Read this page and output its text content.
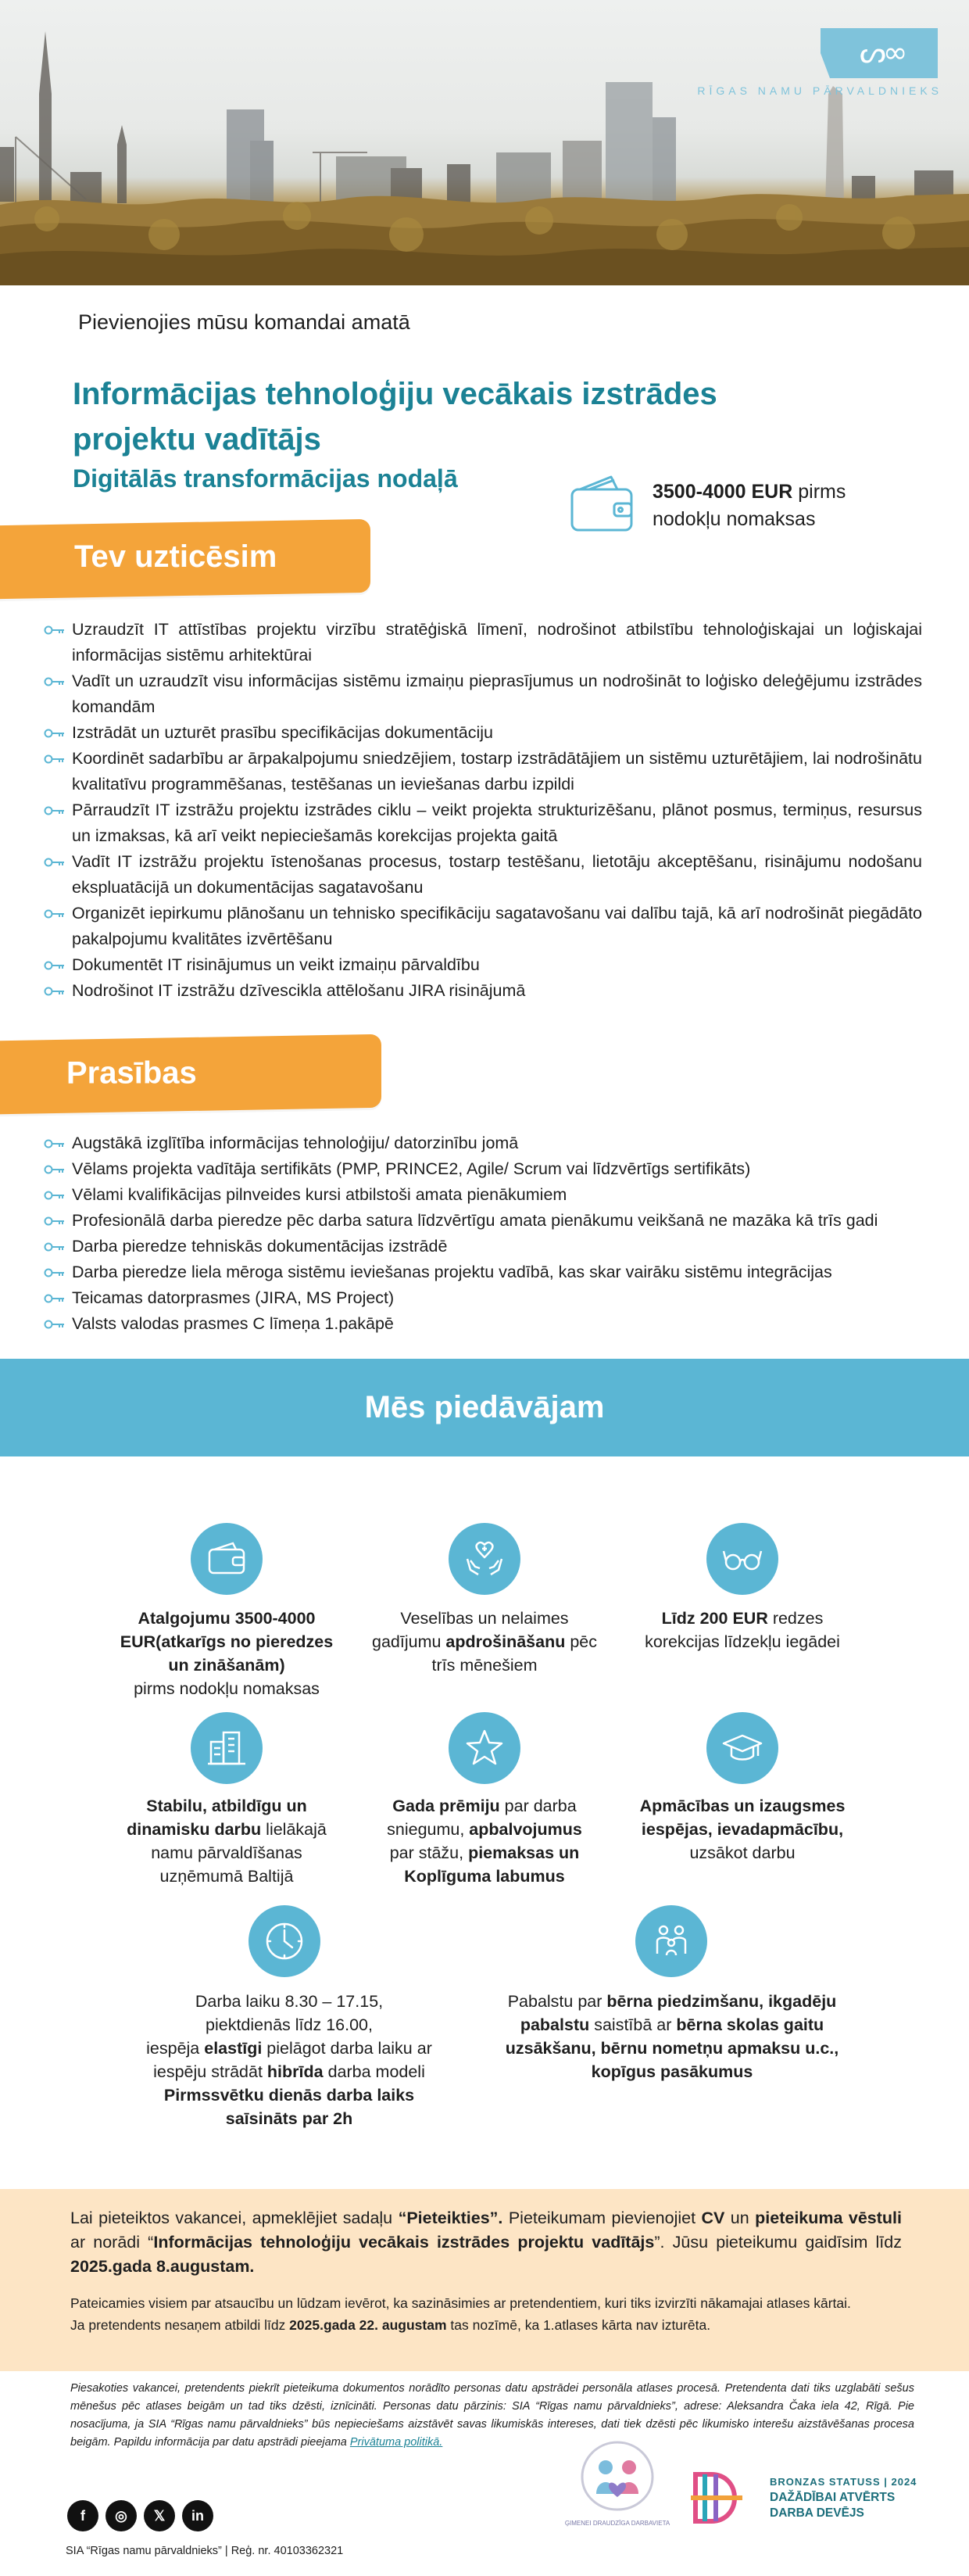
ᔕ∞
RĪGAS NAMU PĀRVALDNIEKS
Pievienojies mūsu komandai amatā
Informācijas tehnoloģiju vecākais izstrādes projektu vadītājs
Digitālās transformācijas nodaļā	3500-4000 EUR pirms nodokļu nomaksas
Tev uzticēsim
Uzraudzīt IT attīstības projektu virzību stratēģiskā līmenī, nodrošinot atbilstību tehnoloģiskajai un loģiskajai informācijas sistēmu arhitektūrai
Vadīt un uzraudzīt visu informācijas sistēmu izmaiņu pieprasījumus un nodrošināt to loģisko deleģējumu izstrādes komandām
Izstrādāt un uzturēt prasību specifikācijas dokumentāciju
Koordinēt sadarbību ar ārpakalpojumu sniedzējiem, tostarp izstrādātājiem un sistēmu uzturētājiem, lai nodrošinātu kvalitatīvu programmēšanas, testēšanas un ieviešanas darbu izpildi
Pārraudzīt IT izstrāžu projektu izstrādes ciklu – veikt projekta strukturizēšanu, plānot posmus, termiņus, resursus un izmaksas, kā arī veikt nepieciešamās korekcijas projekta gaitā
Vadīt IT izstrāžu projektu īstenošanas procesus, tostarp testēšanu, lietotāju akceptēšanu, risinājumu nodošanu ekspluatācijā un dokumentācijas sagatavošanu
Organizēt iepirkumu plānošanu un tehnisko specifikāciju sagatavošanu vai dalību tajā, kā arī nodrošināt piegādāto pakalpojumu kvalitātes izvērtēšanu
Dokumentēt IT risinājumus un veikt izmaiņu pārvaldību
Nodrošinot IT izstrāžu dzīvescikla attēlošanu JIRA risinājumā
Prasības
Augstākā izglītība informācijas tehnoloģiju/ datorzinību jomā
Vēlams projekta vadītāja sertifikāts (PMP, PRINCE2, Agile/ Scrum vai līdzvērtīgs sertifikāts)
Vēlami kvalifikācijas pilnveides kursi atbilstoši amata pienākumiem
Profesionālā darba pieredze pēc darba satura līdzvērtīgu amata pienākumu veikšanā ne mazāka kā trīs gadi
Darba pieredze tehniskās dokumentācijas izstrādē
Darba pieredze liela mēroga sistēmu ieviešanas projektu vadībā, kas skar vairāku sistēmu integrācijas
Teicamas datorprasmes (JIRA, MS Project)
Valsts valodas prasmes C līmeņa 1.pakāpē
Mēs piedāvājam
Atalgojumu 3500-4000 EUR(atkarīgs no pieredzes un zināšanām)
pirms nodokļu nomaksas
Veselības un nelaimes gadījumu apdrošināšanu pēc trīs mēnešiem
Līdz 200 EUR redzes korekcijas līdzekļu iegādei
Stabilu, atbildīgu un dinamisku darbu lielākajā namu pārvaldīšanas uzņēmumā Baltijā
Gada prēmiju par darba sniegumu, apbalvojumus par stāžu, piemaksas un Koplīguma labumus
Apmācības un izaugsmes iespējas, ievadapmācību, uzsākot darbu
Darba laiku 8.30 – 17.15,
piektdienās līdz 16.00,
iespēja elastīgi pielāgot darba laiku ar
iespēju strādāt hibrīda darba modeli
Pirmssvētku dienās darba laiks saīsināts par 2h
Pabalstu par bērna piedzimšanu, ikgadēju pabalstu saistībā ar bērna skolas gaitu uzsākšanu, bērnu nometņu apmaksu u.c., kopīgus pasākumus
Lai pieteiktos vakancei, apmeklējiet sadaļu “Pieteikties”. Pieteikumam pievienojiet CV un pieteikuma vēstuli ar norādi “Informācijas tehnoloģiju vecākais izstrādes projektu vadītājs”. Jūsu pieteikumu gaidīsim līdz 2025.gada 8.augustam.
Pateicamies visiem par atsaucību un lūdzam ievērot, ka sazināsimies ar pretendentiem, kuri tiks izvirzīti nākamajai atlases kārtai.
Ja pretendents nesaņem atbildi līdz 2025.gada 22. augustam tas nozīmē, ka 1.atlases kārta nav izturēta.
Piesakoties vakancei, pretendents piekrīt pieteikuma dokumentos norādīto personas datu apstrādei personāla atlases procesā. Pretendenta dati tiks uzglabāti sešus mēnešus pēc atlases beigām un tad tiks dzēsti, iznīcināti. Personas datu pārzinis: SIA “Rīgas namu pārvaldnieks”, adrese: Aleksandra Čaka iela 42, Rīgā. Pie nosacījuma, ja SIA “Rīgas namu pārvaldnieks” būs nepieciešams aizstāvēt savas likumiskās intereses, dati tiek dzēsti pēc likumisko interešu aizstāvēšanas procesa beigām. Papildu informācija par datu apstrādi pieejama Privātuma politikā.
ĢIMENEI DRAUDZĪGA DARBAVIETA
BRONZAS STATUSS | 2024
DAŽĀDĪBAI ATVĒRTS
DARBA DEVĒJS
f	◎	𝕏	in
SIA “Rīgas namu pārvaldnieks” | Reģ. nr. 40103362321
